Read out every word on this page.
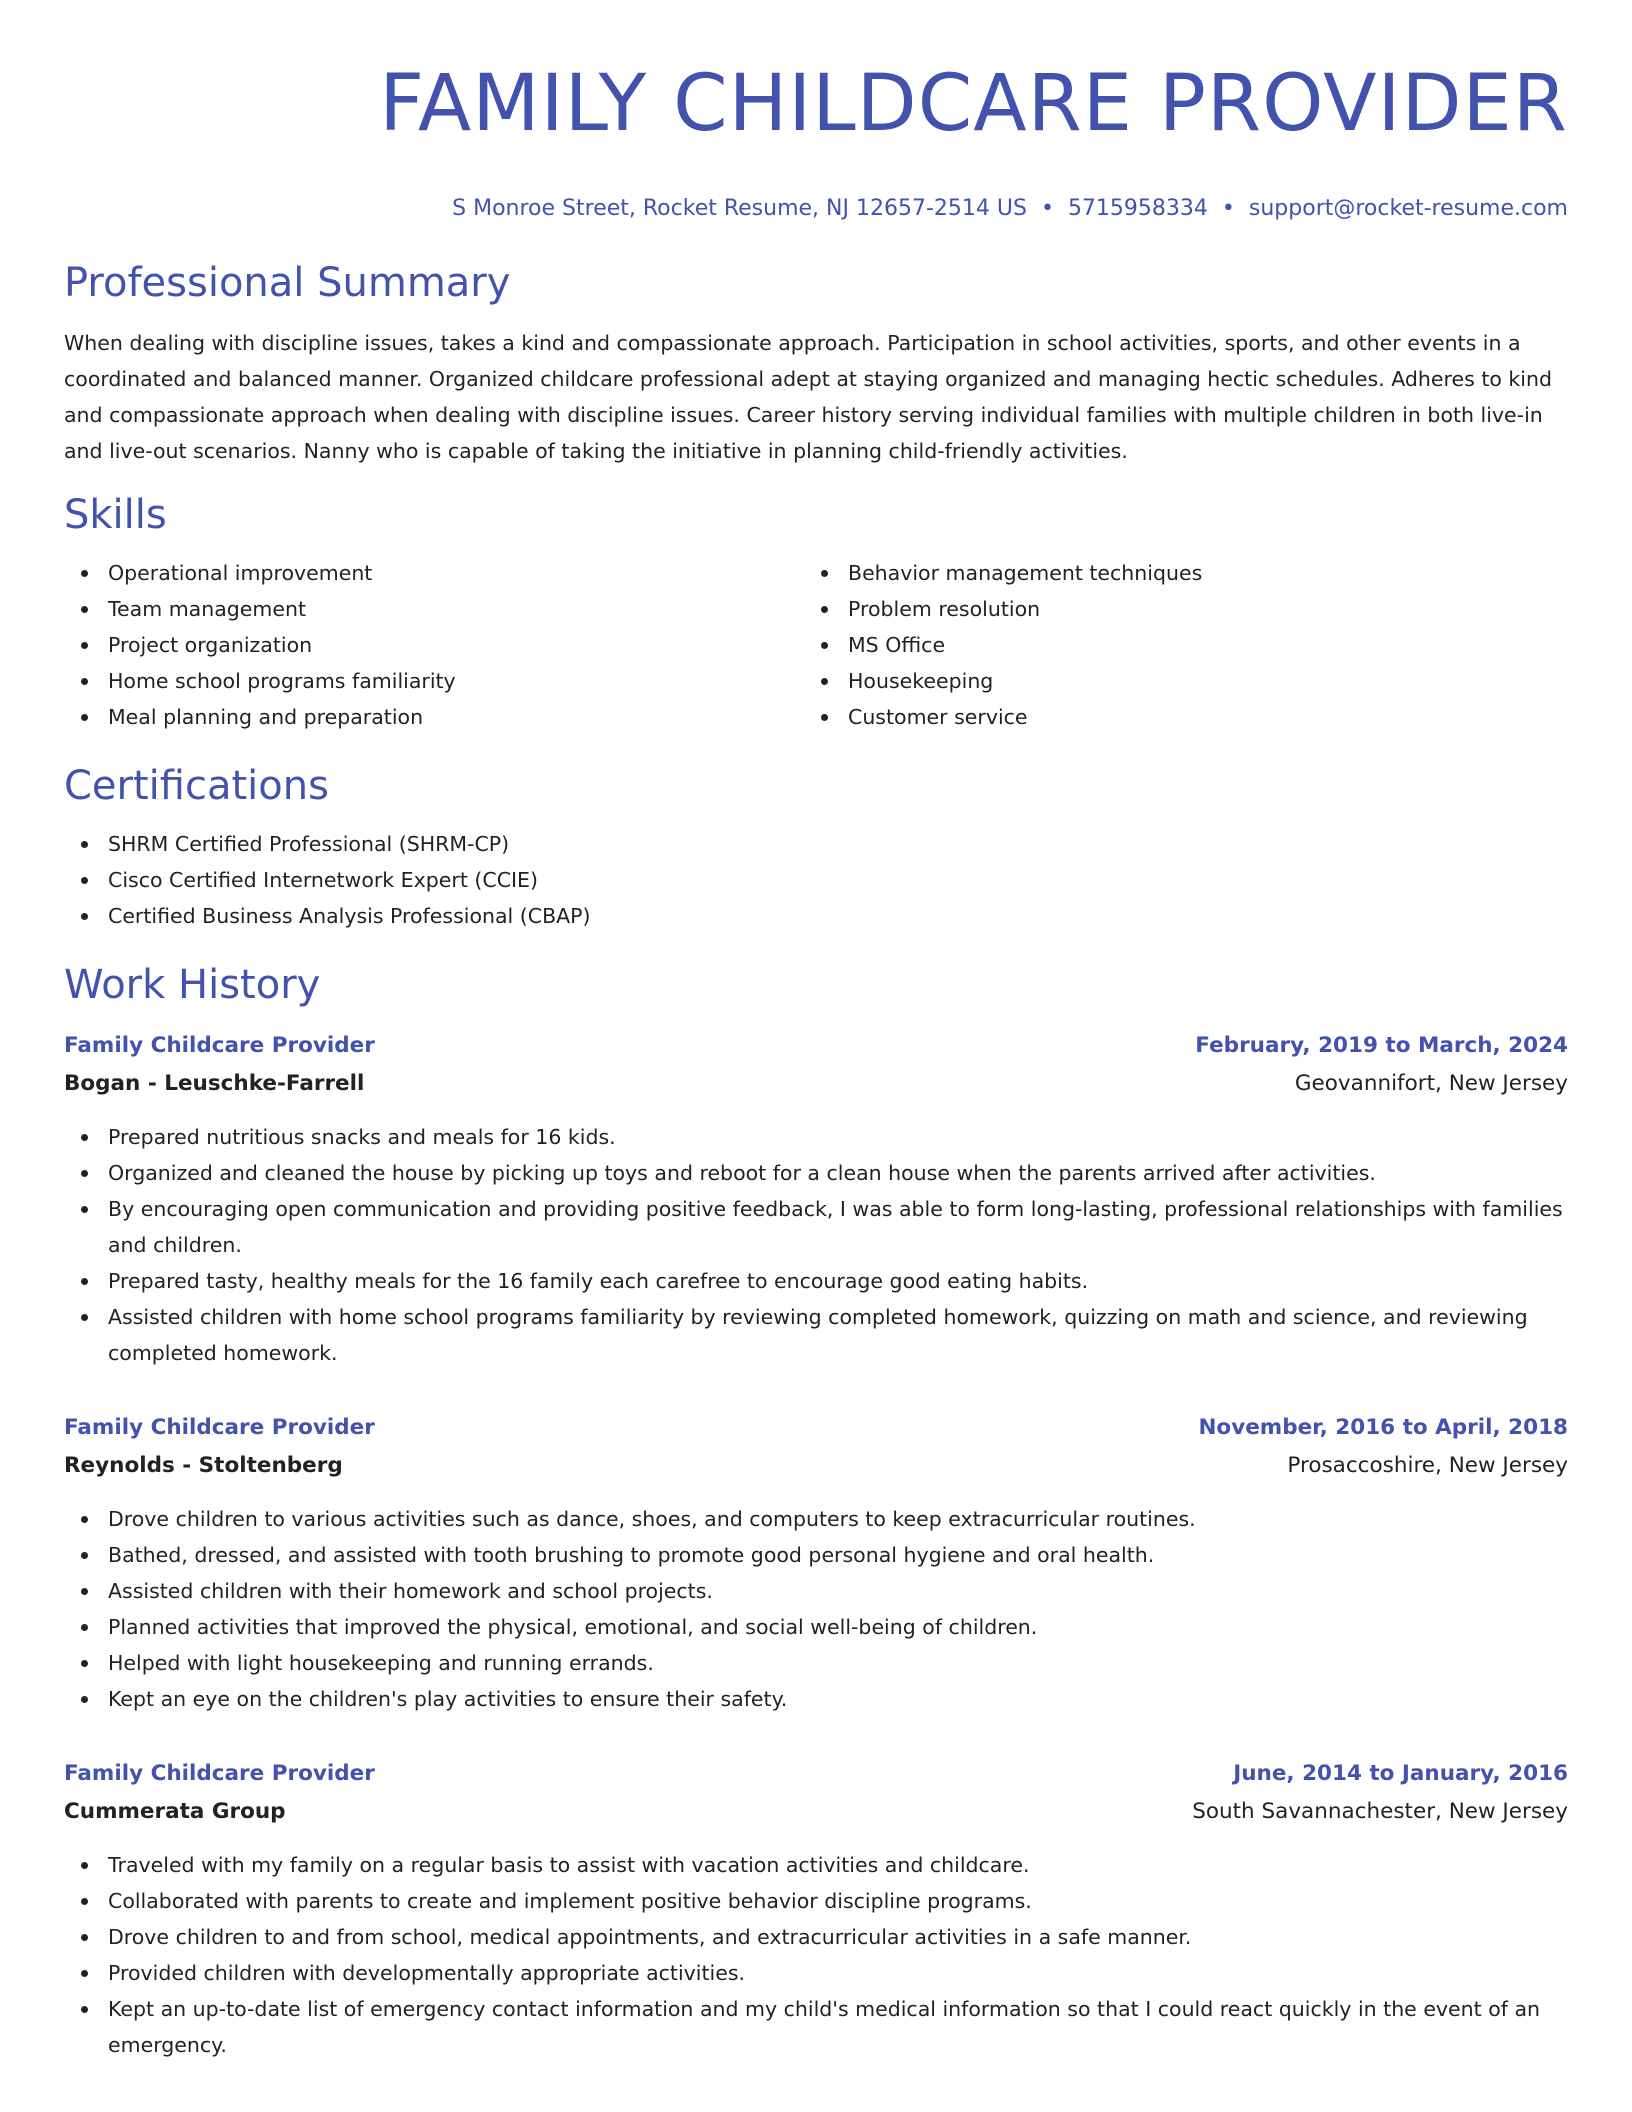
FAMILY CHILDCARE PROVIDER
S Monroe Street, Rocket Resume, NJ 12657-2514 US • 5715958334 • support@rocket-resume.com
Professional Summary

When dealing with discipline issues, takes a kind and compassionate approach. Participation in school activities, sports, and other events in a coordinated and balanced manner. Organized childcare professional adept at staying organized and managing hectic schedules. Adheres to kind and compassionate approach when dealing with discipline issues. Career history serving individual families with multiple children in both live-in and live-out scenarios. Nanny who is capable of taking the initiative in planning child-friendly activities.

Skills
Operational improvement
Team management
Project organization
Home school programs familiarity
Meal planning and preparation
Behavior management techniques
Problem resolution
MS Office
Housekeeping
Customer service
Certifications
SHRM Certified Professional (SHRM-CP)
Cisco Certified Internetwork Expert (CCIE)
Certified Business Analysis Professional (CBAP)
Work History
Family Childcare Provider	February, 2019 to March, 2024
Bogan - Leuschke-Farrell	Geovannifort, New Jersey
Prepared nutritious snacks and meals for 16 kids.
Organized and cleaned the house by picking up toys and reboot for a clean house when the parents arrived after activities.
By encouraging open communication and providing positive feedback, I was able to form long-lasting, professional relationships with families and children.
Prepared tasty, healthy meals for the 16 family each carefree to encourage good eating habits.
Assisted children with home school programs familiarity by reviewing completed homework, quizzing on math and science, and reviewing completed homework.
Family Childcare Provider	November, 2016 to April, 2018
Reynolds - Stoltenberg	Prosaccoshire, New Jersey
Drove children to various activities such as dance, shoes, and computers to keep extracurricular routines.
Bathed, dressed, and assisted with tooth brushing to promote good personal hygiene and oral health.
Assisted children with their homework and school projects.
Planned activities that improved the physical, emotional, and social well-being of children.
Helped with light housekeeping and running errands.
Kept an eye on the children's play activities to ensure their safety.
Family Childcare Provider	June, 2014 to January, 2016
Cummerata Group	South Savannachester, New Jersey
Traveled with my family on a regular basis to assist with vacation activities and childcare.
Collaborated with parents to create and implement positive behavior discipline programs.
Drove children to and from school, medical appointments, and extracurricular activities in a safe manner.
Provided children with developmentally appropriate activities.
Kept an up-to-date list of emergency contact information and my child's medical information so that I could react quickly in the event of an emergency.
